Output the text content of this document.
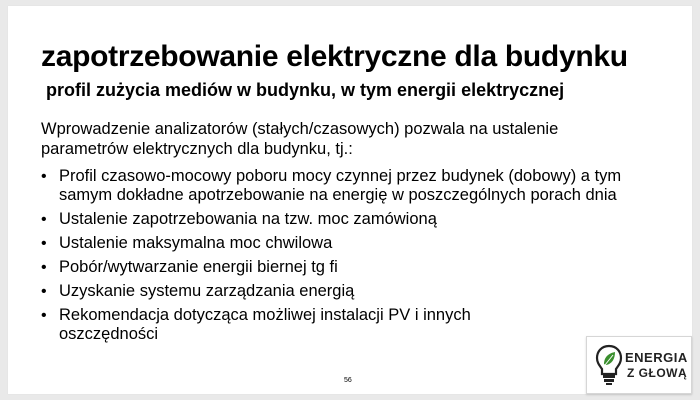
zapotrzebowanie elektryczne dla budynku
profil zużycia mediów w budynku, w tym energii elektrycznej
Wprowadzenie analizatorów (stałych/czasowych) pozwala na ustalenie parametrów elektrycznych dla budynku, tj.:
• Profil czasowo-mocowy poboru mocy czynnej przez budynek (dobowy) a tym samym dokładne apotrzebowanie na energię w poszczególnych porach dnia
• Ustalenie zapotrzebowania na tzw. moc zamówioną
• Ustalenie maksymalna moc chwilowa
• Pobór/wytwarzanie energii biernej tg fi
• Uzyskanie systemu zarządzania energią
• Rekomendacja dotycząca możliwej instalacji PV i innych oszczędności
56
ENERGIA
Z GŁOWĄ
